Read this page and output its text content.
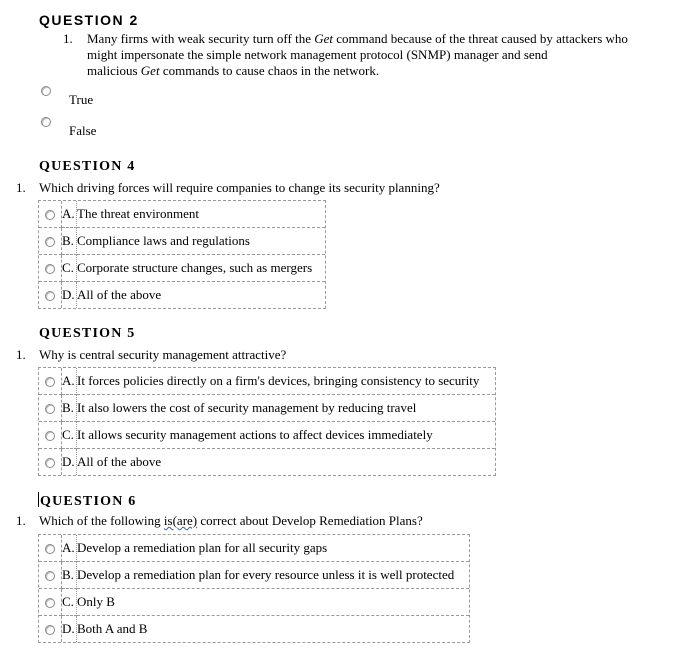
QUESTION 2
1. Many firms with weak security turn off the Get command because of the threat caused by attackers who
might impersonate the simple network management protocol (SNMP) manager and send
malicious Get commands to cause chaos in the network.
True
False
QUESTION 4
1. Which driving forces will require companies to change its security planning?
	A.	The threat environment

	B.	Compliance laws and regulations

	C.	Corporate structure changes, such as mergers

	D.	All of the above
QUESTION 5
1. Why is central security management attractive?
	A.	It forces policies directly on a firm's devices, bringing consistency to security

	B.	It also lowers the cost of security management by reducing travel

	C.	It allows security management actions to affect devices immediately

	D.	All of the above
QUESTION 6
1. Which of the following is(are) correct about Develop Remediation Plans?
	A.	Develop a remediation plan for all security gaps

	B.	Develop a remediation plan for every resource unless it is well protected

	C.	Only B

	D.	Both A and B
